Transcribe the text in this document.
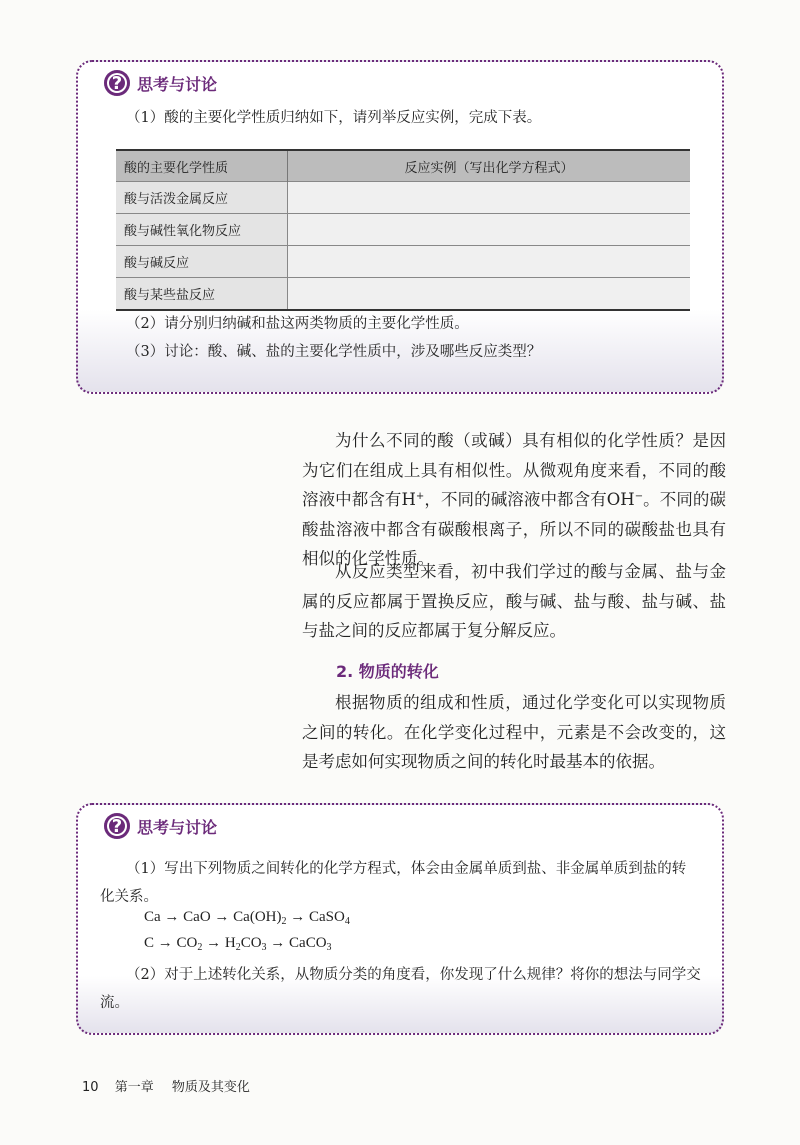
? 思考与讨论
（1）酸的主要化学性质归纳如下，请列举反应实例，完成下表。
酸的主要化学性质	反应实例（写出化学方程式）
酸与活泼金属反应	
酸与碱性氧化物反应	
酸与碱反应	
酸与某些盐反应	
（2）请分别归纳碱和盐这两类物质的主要化学性质。
（3）讨论：酸、碱、盐的主要化学性质中，涉及哪些反应类型？

为什么不同的酸（或碱）具有相似的化学性质？是因为它们在组成上具有相似性。从微观角度来看，不同的酸溶液中都含有H+，不同的碱溶液中都含有OH−。不同的碳酸盐溶液中都含有碳酸根离子，所以不同的碳酸盐也具有相似的化学性质。

从反应类型来看，初中我们学过的酸与金属、盐与金属的反应都属于置换反应，酸与碱、盐与酸、盐与碱、盐与盐之间的反应都属于复分解反应。

2. 物质的转化

根据物质的组成和性质，通过化学变化可以实现物质之间的转化。在化学变化过程中，元素是不会改变的，这是考虑如何实现物质之间的转化时最基本的依据。

? 思考与讨论
（1）写出下列物质之间转化的化学方程式，体会由金属单质到盐、非金属单质到盐的转化关系。
Ca → CaO → $Ca(OH)_2$ → CaSO$_4$
$C \to CO_2 \to H_2CO_3$ → CaCO$_3$
（2）对于上述转化关系，从物质分类的角度看，你发现了什么规律？将你的想法与同学交流。
10 第一章 物质及其变化
